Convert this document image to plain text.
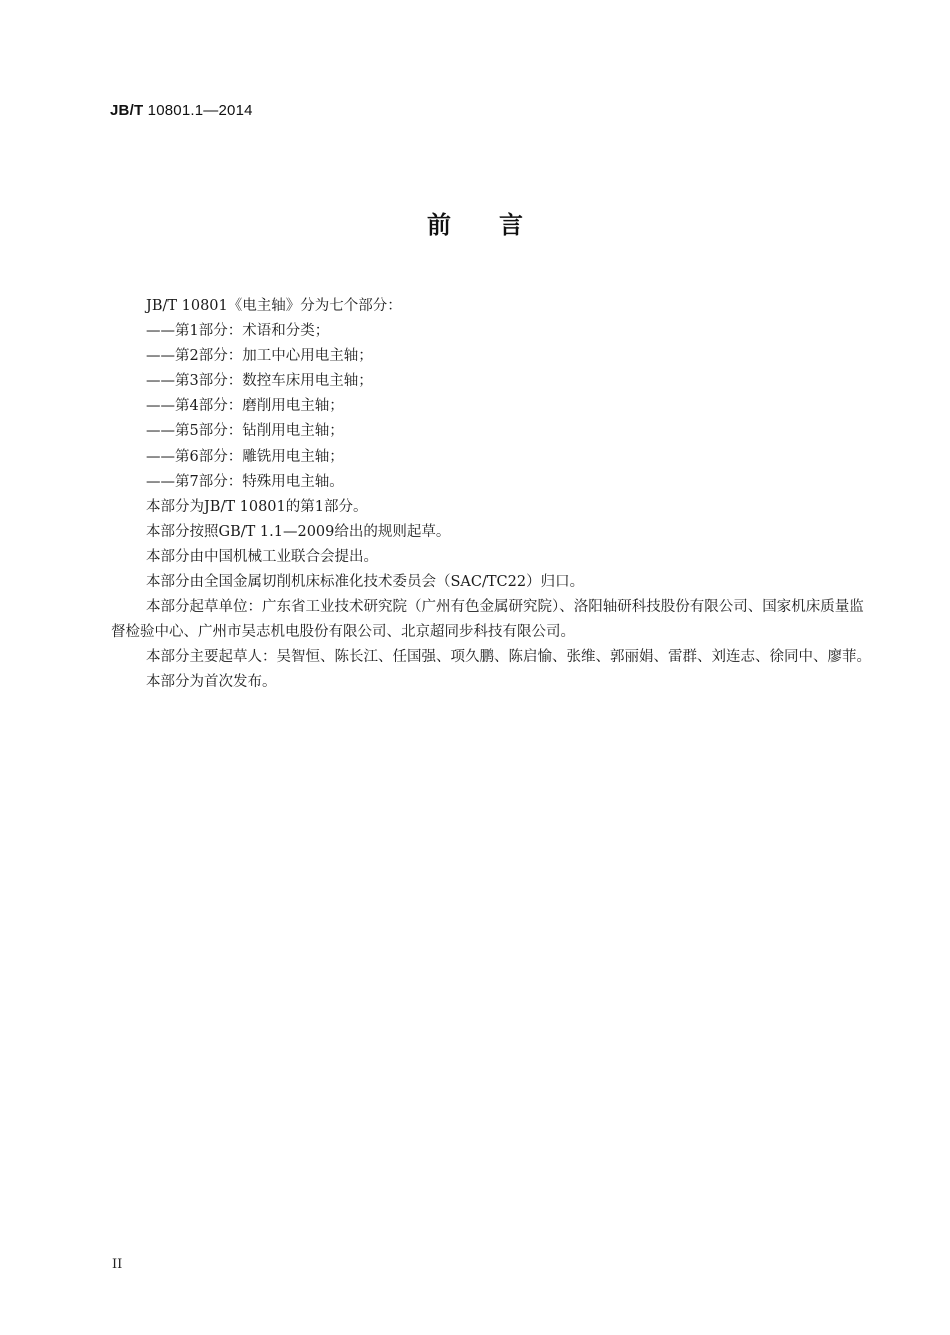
JB/T 10801.1—2014
前 言

JB/T 10801《电主轴》分为七个部分：

——第1部分：术语和分类；

——第2部分：加工中心用电主轴；

——第3部分：数控车床用电主轴；

——第4部分：磨削用电主轴；

——第5部分：钻削用电主轴；

——第6部分：雕铣用电主轴；

——第7部分：特殊用电主轴。

本部分为JB/T 10801的第1部分。

本部分按照GB/T 1.1—2009给出的规则起草。

本部分由中国机械工业联合会提出。

本部分由全国金属切削机床标准化技术委员会（SAC/TC22）归口。

本部分起草单位：广东省工业技术研究院（广州有色金属研究院）、洛阳轴研科技股份有限公司、国家机床质量监督检验中心、广州市吴志机电股份有限公司、北京超同步科技有限公司。

本部分主要起草人：吴智恒、陈长江、任国强、项久鹏、陈启愉、张维、郭丽娟、雷群、刘连志、徐同中、廖菲。

本部分为首次发布。

II
